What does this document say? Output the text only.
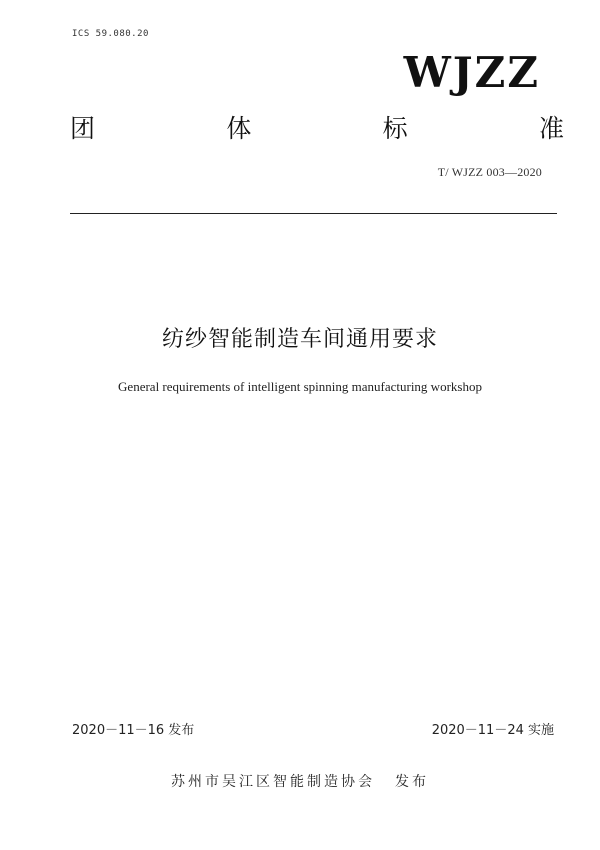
ICS 59.080.20
WJZZ
团	体	标	准
T/ WJZZ 003—2020
纺纱智能制造车间通用要求
General requirements of intelligent spinning manufacturing workshop
2020－11－16 发布	2020－11－24 实施
苏州市吴江区智能制造协会 发布
